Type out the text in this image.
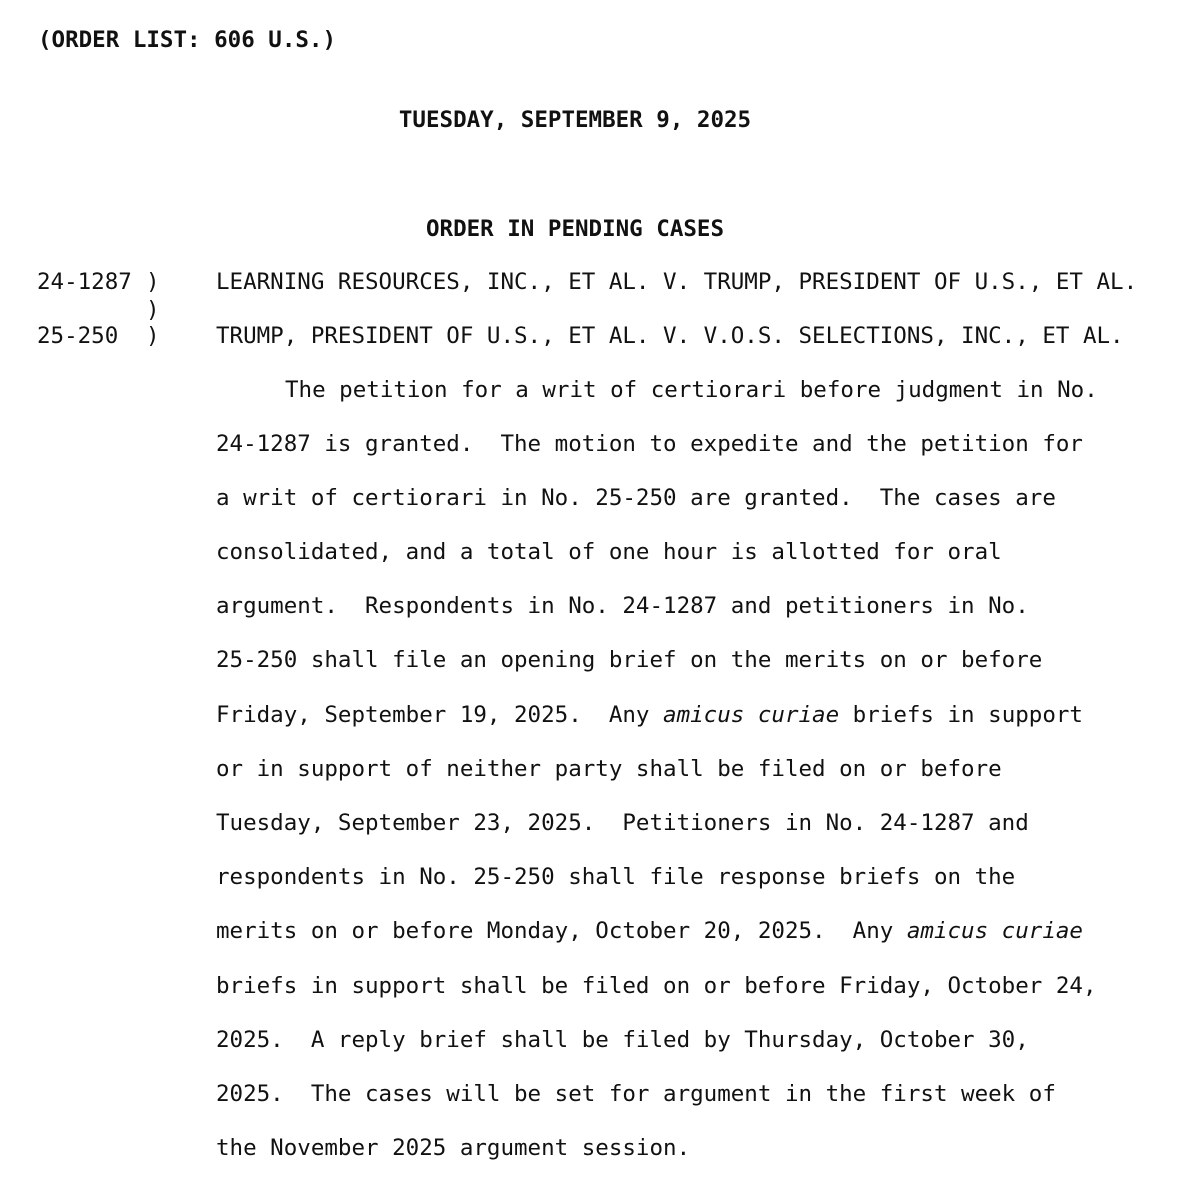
(ORDER LIST: 606 U.S.)
TUESDAY, SEPTEMBER 9, 2025
ORDER IN PENDING CASES
24-1287 )	LEARNING RESOURCES, INC., ET AL. V. TRUMP, PRESIDENT OF U.S., ET AL.
)
25-250 )	TRUMP, PRESIDENT OF U.S., ET AL. V. V.O.S. SELECTIONS, INC., ET AL.
The petition for a writ of certiorari before judgment in No.
24-1287 is granted.  The motion to expedite and the petition for
a writ of certiorari in No. 25-250 are granted.  The cases are
consolidated, and a total of one hour is allotted for oral
argument.  Respondents in No. 24-1287 and petitioners in No.
25-250 shall file an opening brief on the merits on or before
Friday, September 19, 2025.  Any amicus curiae briefs in support
or in support of neither party shall be filed on or before
Tuesday, September 23, 2025.  Petitioners in No. 24-1287 and
respondents in No. 25-250 shall file response briefs on the
merits on or before Monday, October 20, 2025.  Any amicus curiae
briefs in support shall be filed on or before Friday, October 24,
2025.  A reply brief shall be filed by Thursday, October 30,
2025.  The cases will be set for argument in the first week of
the November 2025 argument session.
